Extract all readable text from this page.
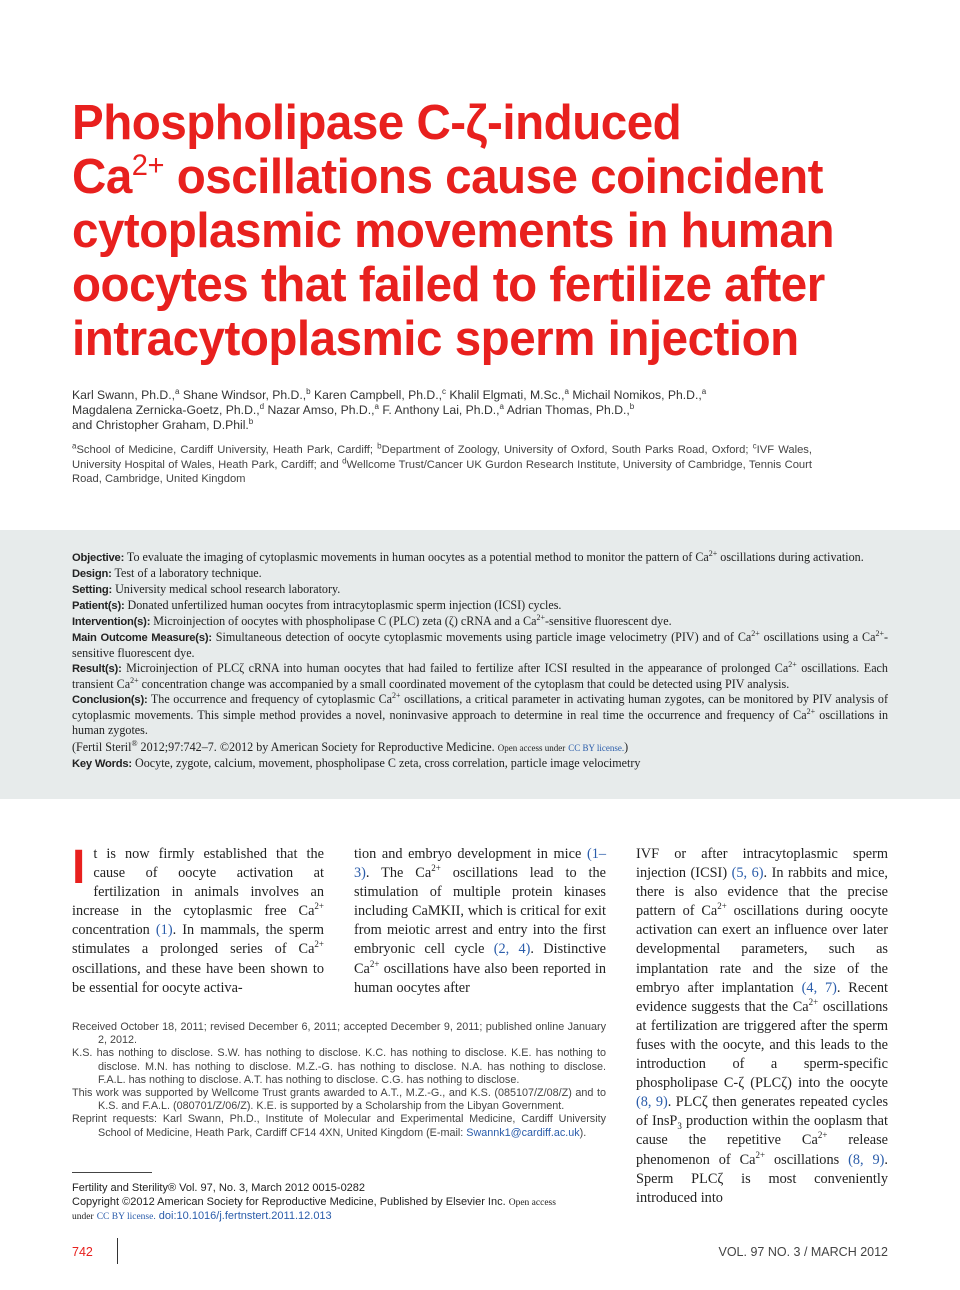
Phospholipase C-ζ-induced
$Ca^{2+}$ oscillations cause coincident
cytoplasmic movements in human
oocytes that failed to fertilize after
intracytoplasmic sperm injection
Karl Swann, Ph.D.,$^a$ Shane Windsor, Ph.D.,$^b$ Karen Campbell, Ph.D.,$^c$ Khalil Elgmati, M.Sc.,$^a$ Michail Nomikos, Ph.D.,$^a$
Magdalena Zernicka-Goetz, Ph.D.,$^d$ Nazar Amso, Ph.D.,$^a$ F. Anthony Lai, Ph.D.,$^a$ Adrian Thomas, Ph.D.,$^b$
and Christopher Graham, D.Phil.$^b$
$^a$School of Medicine, Cardiff University, Heath Park, Cardiff; $^b$Department of Zoology, University of Oxford, South Parks Road, Oxford; $^c$IVF Wales, University Hospital of Wales, Heath Park, Cardiff; and $^d$Wellcome Trust/Cancer UK Gurdon Research Institute, University of Cambridge, Tennis Court Road, Cambridge, United Kingdom
Objective: To evaluate the imaging of cytoplasmic movements in human oocytes as a potential method to monitor the pattern of $Ca^{2+}$ oscillations during activation.
Design: Test of a laboratory technique.
Setting: University medical school research laboratory.
Patient(s): Donated unfertilized human oocytes from intracytoplasmic sperm injection (ICSI) cycles.
Intervention(s): Microinjection of oocytes with phospholipase C (PLC) zeta (ζ) cRNA and a $Ca^{2+}$-sensitive fluorescent dye.
Main Outcome Measure(s): Simultaneous detection of oocyte cytoplasmic movements using particle image velocimetry (PIV) and of $Ca^{2+}$ oscillations using a $Ca^{2+}$-sensitive fluorescent dye.
Result(s): Microinjection of PLCζ cRNA into human oocytes that had failed to fertilize after ICSI resulted in the appearance of prolonged $Ca^{2+}$ oscillations. Each transient $Ca^{2+}$ concentration change was accompanied by a small coordinated movement of the cytoplasm that could be detected using PIV analysis.
Conclusion(s): The occurrence and frequency of cytoplasmic $Ca^{2+}$ oscillations, a critical parameter in activating human zygotes, can be monitored by PIV analysis of cytoplasmic movements. This simple method provides a novel, noninvasive approach to determine in real time the occurrence and frequency of $Ca^{2+}$ oscillations in human zygotes.
(Fertil Steril® 2012;97:742–7. ©2012 by American Society for Reproductive Medicine. Open access under CC BY license.)
Key Words: Oocyte, zygote, calcium, movement, phospholipase C zeta, cross correlation, particle image velocimetry
It is now firmly established that the cause of oocyte activation at fertilization in animals involves an increase in the cytoplasmic free $Ca^{2+}$ concentration (1). In mammals, the sperm stimulates a prolonged series of $Ca^{2+}$ oscillations, and these have been shown to be essential for oocyte activa-
tion and embryo development in mice (1–3). The $Ca^{2+}$ oscillations lead to the stimulation of multiple protein kinases including CaMKII, which is critical for exit from meiotic arrest and entry into the first embryonic cell cycle (2, 4). Distinctive $Ca^{2+}$ oscillations have also been reported in human oocytes after
IVF or after intracytoplasmic sperm injection (ICSI) (5, 6). In rabbits and mice, there is also evidence that the precise pattern of $Ca^{2+}$ oscillations during oocyte activation can exert an influence over later developmental parameters, such as implantation rate and the size of the embryo after implantation (4, 7). Recent evidence suggests that the $Ca^{2+}$ oscillations at fertilization are triggered after the sperm fuses with the oocyte, and this leads to the introduction of a sperm-specific phospholipase C-ζ (PLCζ) into the oocyte (8, 9). PLCζ then generates repeated cycles of InsP$_3$ production within the ooplasm that cause the repetitive $Ca^{2+}$ release phenomenon of $Ca^{2+}$ oscillations (8, 9). Sperm PLCζ is most conveniently introduced into

Received October 18, 2011; revised December 6, 2011; accepted December 9, 2011; published online January 2, 2012.

K.S. has nothing to disclose. S.W. has nothing to disclose. K.C. has nothing to disclose. K.E. has nothing to disclose. M.N. has nothing to disclose. M.Z.-G. has nothing to disclose. N.A. has nothing to disclose. F.A.L. has nothing to disclose. A.T. has nothing to disclose. C.G. has nothing to disclose.

This work was supported by Wellcome Trust grants awarded to A.T., M.Z.-G., and K.S. (085107/Z/08/Z) and to K.S. and F.A.L. (080701/Z/06/Z). K.E. is supported by a Scholarship from the Libyan Government.

Reprint requests: Karl Swann, Ph.D., Institute of Molecular and Experimental Medicine, Cardiff University School of Medicine, Heath Park, Cardiff CF14 4XN, United Kingdom (E-mail: Swannk1@cardiff.ac.uk).

Fertility and Sterility® Vol. 97, No. 3, March 2012 0015-0282

Copyright ©2012 American Society for Reproductive Medicine, Published by Elsevier Inc. Open access

under CC BY license. doi:10.1016/j.fertnstert.2011.12.013

742	VOL. 97 NO. 3 / MARCH 2012
